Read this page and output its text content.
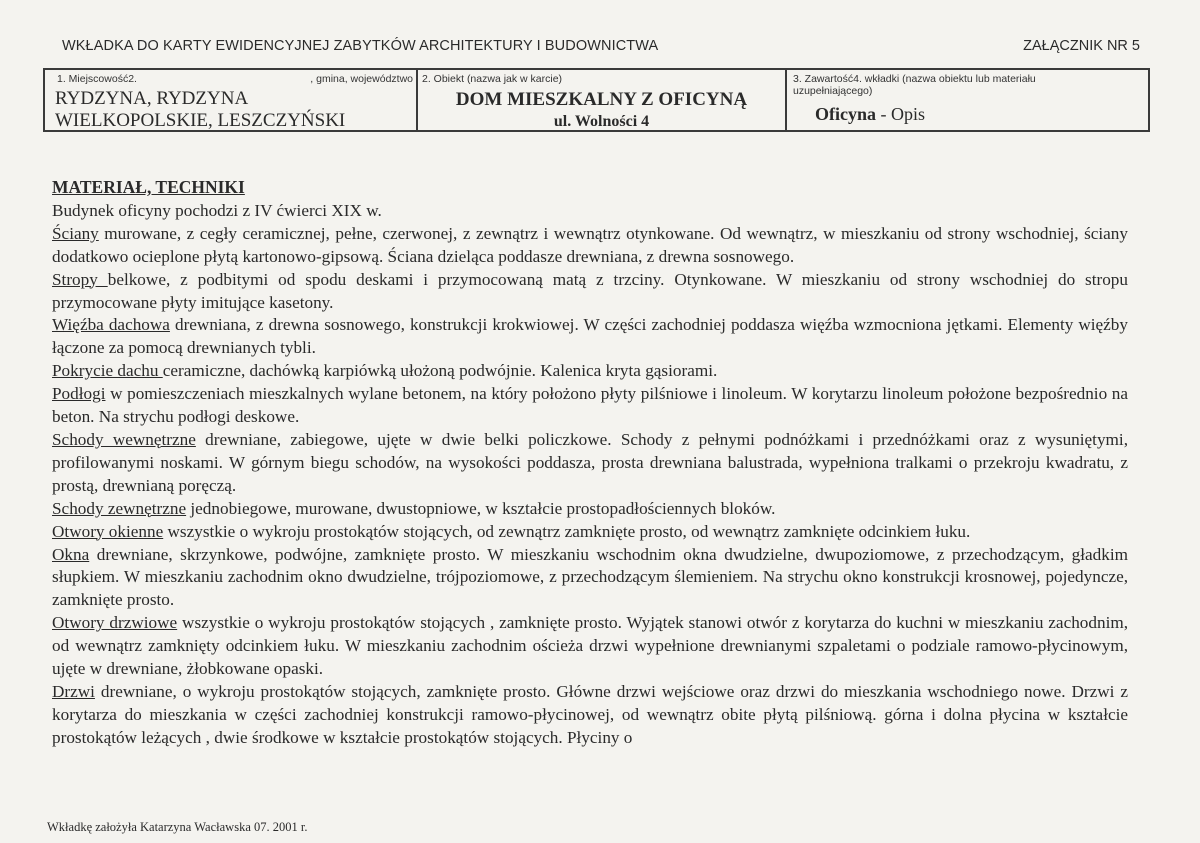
WKŁADKA DO KARTY EWIDENCYJNEJ ZABYTKÓW ARCHITEKTURY I BUDOWNICTWA	ZAŁĄCZNIK NR 5
1. Miejscowość2.	, gmina, województwo
RYDZYNA, RYDZYNA
WIELKOPOLSKIE, LESZCZYŃSKI
2. Obiekt (nazwa jak w karcie)
DOM MIESZKALNY Z OFICYNĄ
ul. Wolności 4
3. Zawartość4. wkładki (nazwa obiektu lub materiału uzupełniającego)
Oficyna - Opis

MATERIAŁ, TECHNIKI

Budynek oficyny pochodzi z IV ćwierci XIX w.

Ściany murowane, z cegły ceramicznej, pełne, czerwonej, z zewnątrz i wewnątrz otynkowane. Od wewnątrz, w mieszkaniu od strony wschodniej, ściany dodatkowo ocieplone płytą kartonowo-gipsową. Ściana dzieląca poddasze drewniana, z drewna sosnowego.

Stropy belkowe, z podbitymi od spodu deskami i przymocowaną matą z trzciny. Otynkowane. W mieszkaniu od strony wschodniej do stropu przymocowane płyty imitujące kasetony.

Więźba dachowa drewniana, z drewna sosnowego, konstrukcji krokwiowej. W części zachodniej poddasza więźba wzmocniona jętkami. Elementy więźby łączone za pomocą drewnianych tybli.

Pokrycie dachu ceramiczne, dachówką karpiówką ułożoną podwójnie. Kalenica kryta gąsiorami.

Podłogi w pomieszczeniach mieszkalnych wylane betonem, na który położono płyty pilśniowe i linoleum. W korytarzu linoleum położone bezpośrednio na beton. Na strychu podłogi deskowe.

Schody wewnętrzne drewniane, zabiegowe, ujęte w dwie belki policzkowe. Schody z pełnymi podnóżkami i przednóżkami oraz z wysuniętymi, profilowanymi noskami. W górnym biegu schodów, na wysokości poddasza, prosta drewniana balustrada, wypełniona tralkami o przekroju kwadratu, z prostą, drewnianą poręczą.

Schody zewnętrzne jednobiegowe, murowane, dwustopniowe, w kształcie prostopadłościennych bloków.

Otwory okienne wszystkie o wykroju prostokątów stojących, od zewnątrz zamknięte prosto, od wewnątrz zamknięte odcinkiem łuku.

Okna drewniane, skrzynkowe, podwójne, zamknięte prosto. W mieszkaniu wschodnim okna dwudzielne, dwupoziomowe, z przechodzącym, gładkim słupkiem. W mieszkaniu zachodnim okno dwudzielne, trójpoziomowe, z przechodzącym ślemieniem. Na strychu okno konstrukcji krosnowej, pojedyncze, zamknięte prosto.

Otwory drzwiowe wszystkie o wykroju prostokątów stojących , zamknięte prosto. Wyjątek stanowi otwór z korytarza do kuchni w mieszkaniu zachodnim, od wewnątrz zamknięty odcinkiem łuku. W mieszkaniu zachodnim ościeża drzwi wypełnione drewnianymi szpaletami o podziale ramowo-płycinowym, ujęte w drewniane, żłobkowane opaski.

Drzwi drewniane, o wykroju prostokątów stojących, zamknięte prosto. Główne drzwi wejściowe oraz drzwi do mieszkania wschodniego nowe. Drzwi z korytarza do mieszkania w części zachodniej konstrukcji ramowo-płycinowej, od wewnątrz obite płytą pilśniową. górna i dolna płycina w kształcie prostokątów leżących , dwie środkowe w kształcie prostokątów stojących. Płyciny o

Wkładkę założyła Katarzyna Wacławska 07. 2001 r.
